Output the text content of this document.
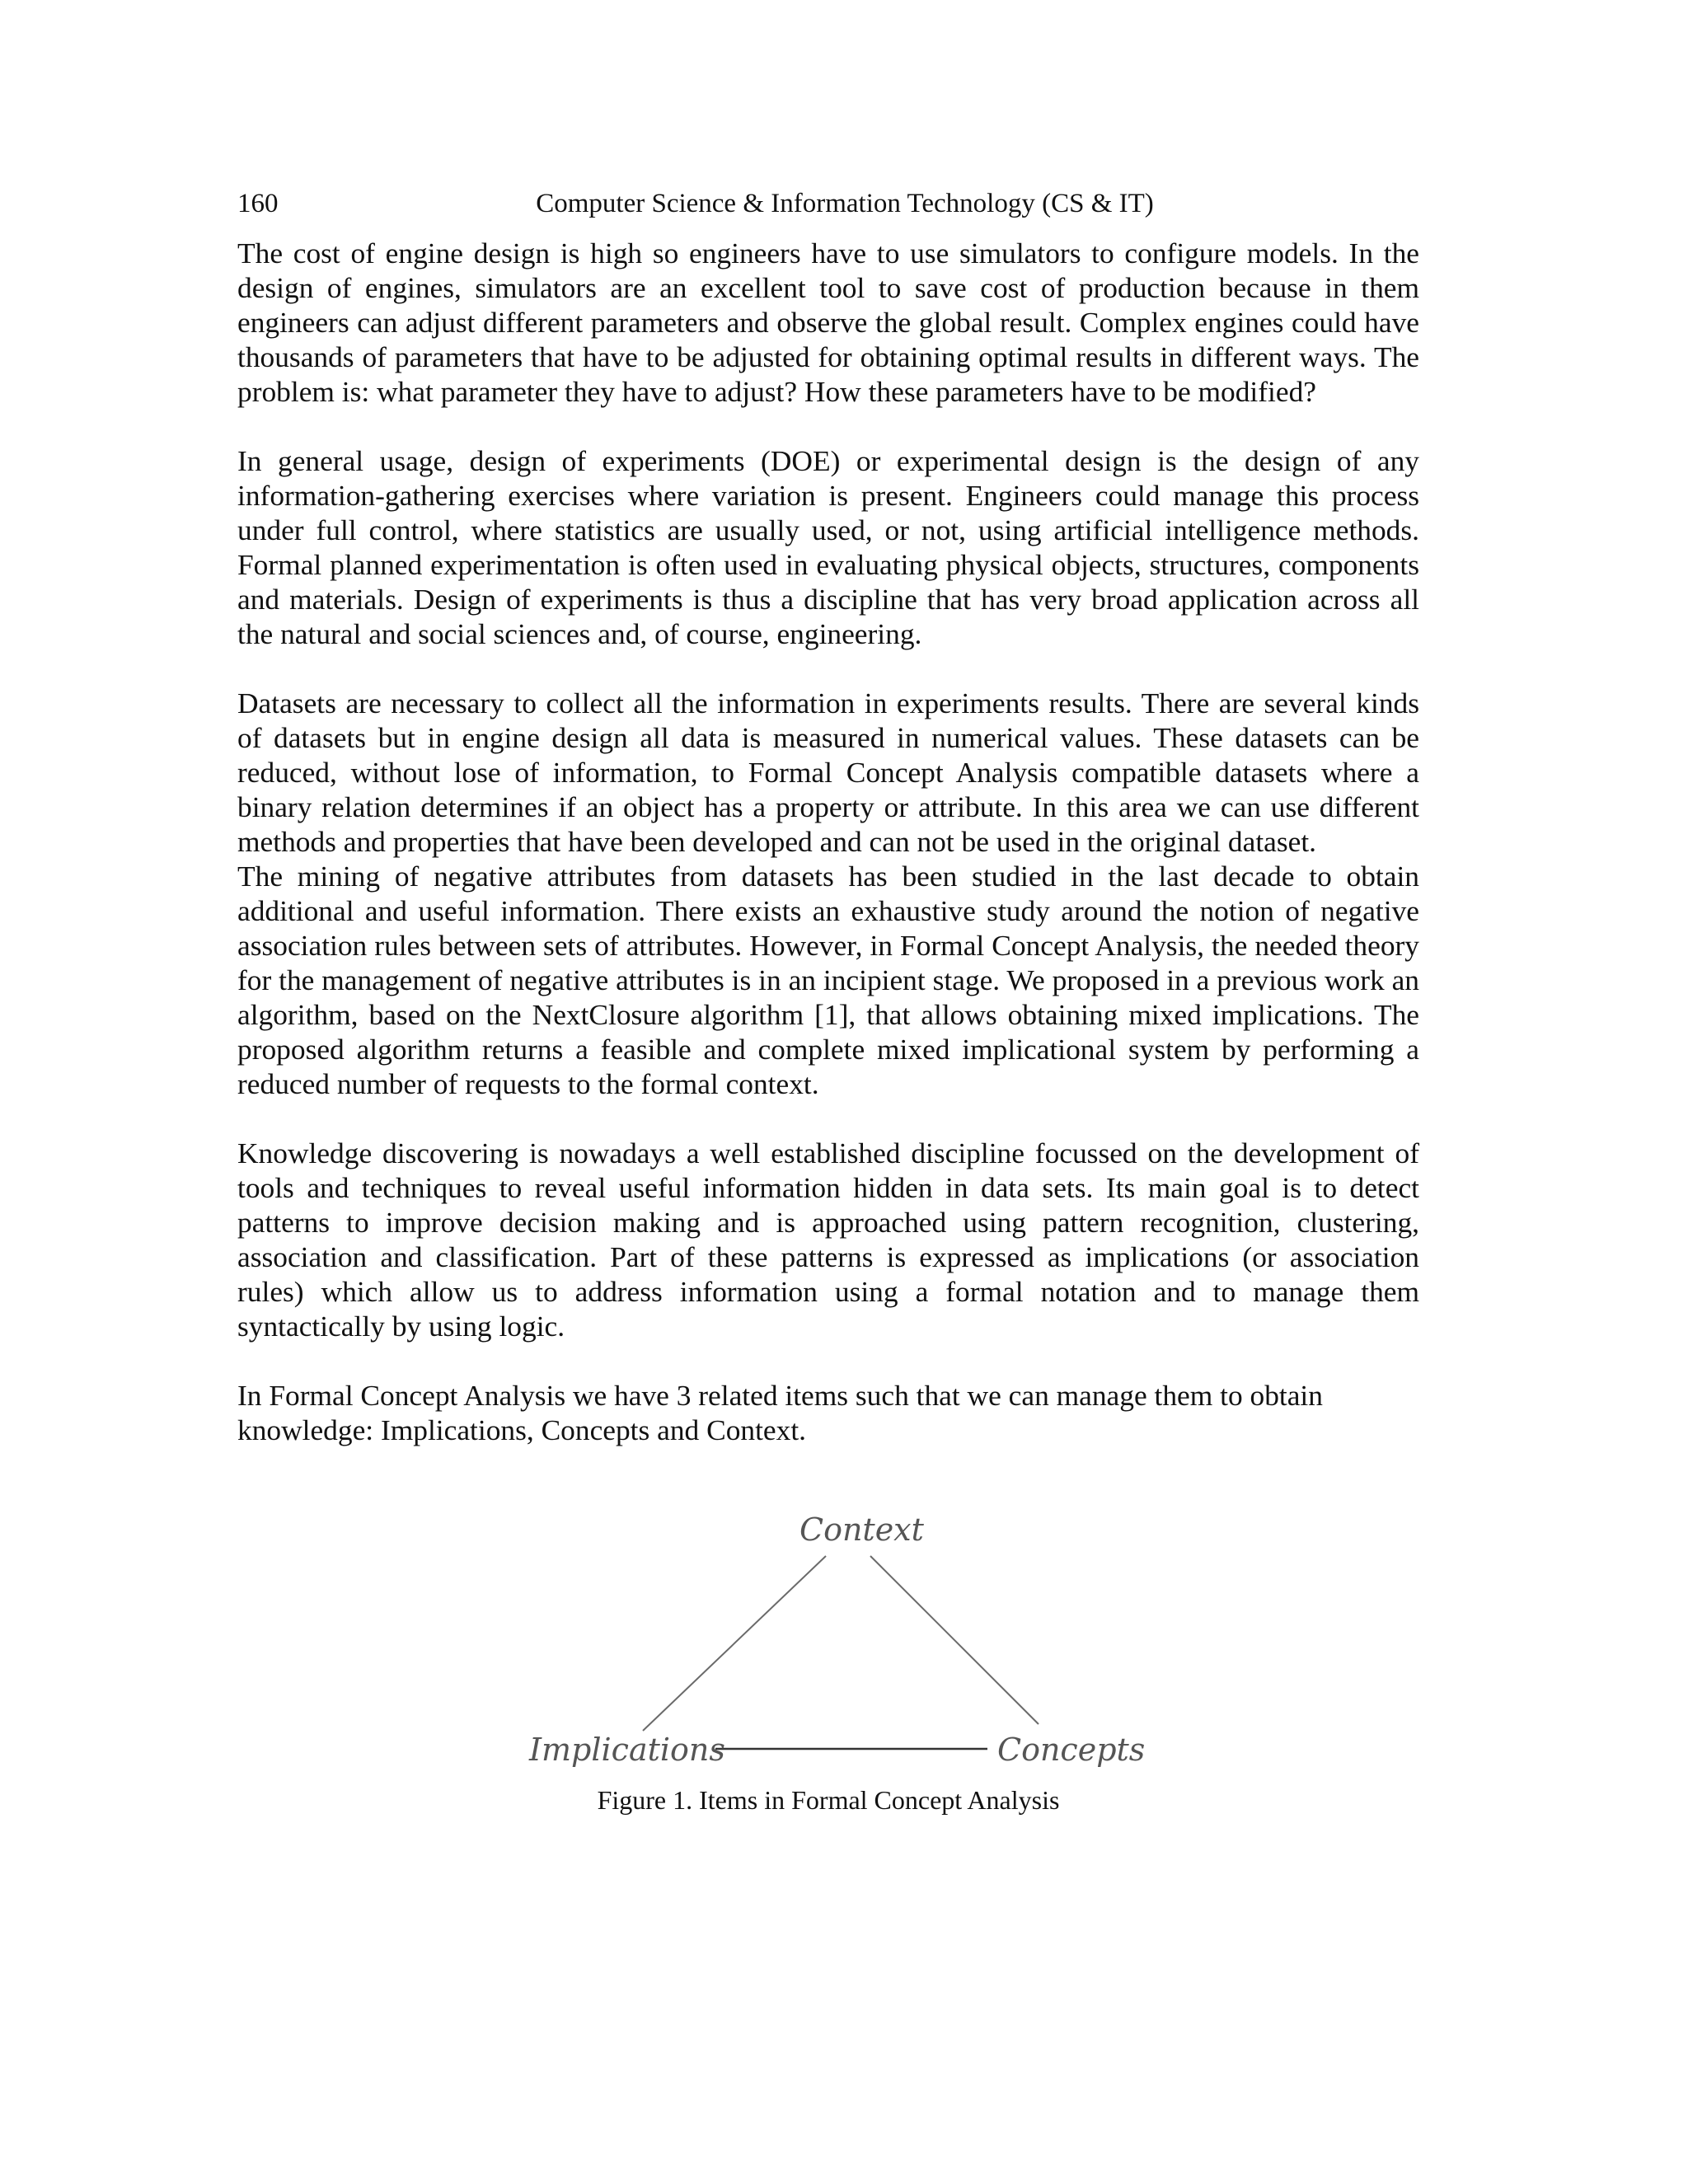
160	Computer Science & Information Technology (CS & IT)

The cost of engine design is high so engineers have to use simulators to configure models. In the design of engines, simulators are an excellent tool to save cost of production because in them engineers can adjust different parameters and observe the global result. Complex engines could have thousands of parameters that have to be adjusted for obtaining optimal results in different ways. The problem is: what parameter they have to adjust? How these parameters have to be modified?

In general usage, design of experiments (DOE) or experimental design is the design of any information-gathering exercises where variation is present. Engineers could manage this process under full control, where statistics are usually used, or not, using artificial intelligence methods. Formal planned experimentation is often used in evaluating physical objects, structures, components and materials. Design of experiments is thus a discipline that has very broad application across all the natural and social sciences and, of course, engineering.

Datasets are necessary to collect all the information in experiments results. There are several kinds of datasets but in engine design all data is measured in numerical values. These datasets can be reduced, without lose of information, to Formal Concept Analysis compatible datasets where a binary relation determines if an object has a property or attribute. In this area we can use different methods and properties that have been developed and can not be used in the original dataset.

The mining of negative attributes from datasets has been studied in the last decade to obtain additional and useful information. There exists an exhaustive study around the notion of negative association rules between sets of attributes. However, in Formal Concept Analysis, the needed theory for the management of negative attributes is in an incipient stage. We proposed in a previous work an algorithm, based on the NextClosure algorithm [1], that allows obtaining mixed implications. The proposed algorithm returns a feasible and complete mixed implicational system by performing a reduced number of requests to the formal context.

Knowledge discovering is nowadays a well established discipline focussed on the development of tools and techniques to reveal useful information hidden in data sets. Its main goal is to detect patterns to improve decision making and is approached using pattern recognition, clustering, association and classification. Part of these patterns is expressed as implications (or association rules) which allow us to address information using a formal notation and to manage them syntactically by using logic.

In Formal Concept Analysis we have 3 related items such that we can manage them to obtain knowledge: Implications, Concepts and Context.

Context
Implications	Concepts
Figure 1. Items in Formal Concept Analysis
